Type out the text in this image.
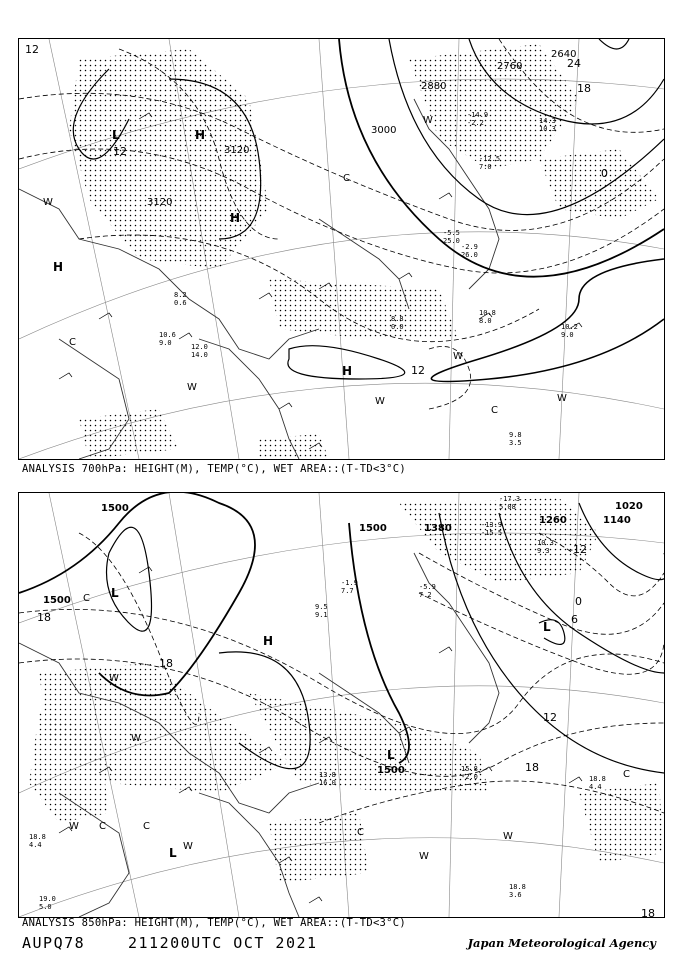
3120
3120
3000
2880
2760
2640
12
12
12
18
24
0
L	H
H
H
H
W
W
W
W
W
C
C
C
W
10.6
9.0	12.0
14.0
9.8
3.5
10.2
9.0
10.8
8.0
8.8
0.0
-12.5
7.0
-14.9
-2.2	14.3
10.3
-5.5
25.0
-2.9
26.0
8.2
0.6
ANALYSIS 700hPa: HEIGHT(M), TEMP(°C), WET AREA::(T-TD<3°C)
1500
1500
1500
1500
1380
1260	1140
1020
18
18
18
12
6
0
-12
18
L
H
L
L
L
C
W
W
W
W
W
C	C
C	W
C
18.8
3.6
19.0
5.0
18.8
4.4
18.8
4.4
15.8
-2.0
13.8
16.0
-1.9
7.7
9.5
9.1
-5.9
7.2
-13.9
-15.5
-17.3
5.08
10.3
9.3
ANALYSIS 850hPa: HEIGHT(M), TEMP(°C), WET AREA::(T-TD<3°C)
AUPQ78	211200UTC OCT 2021	Japan Meteorological Agency
